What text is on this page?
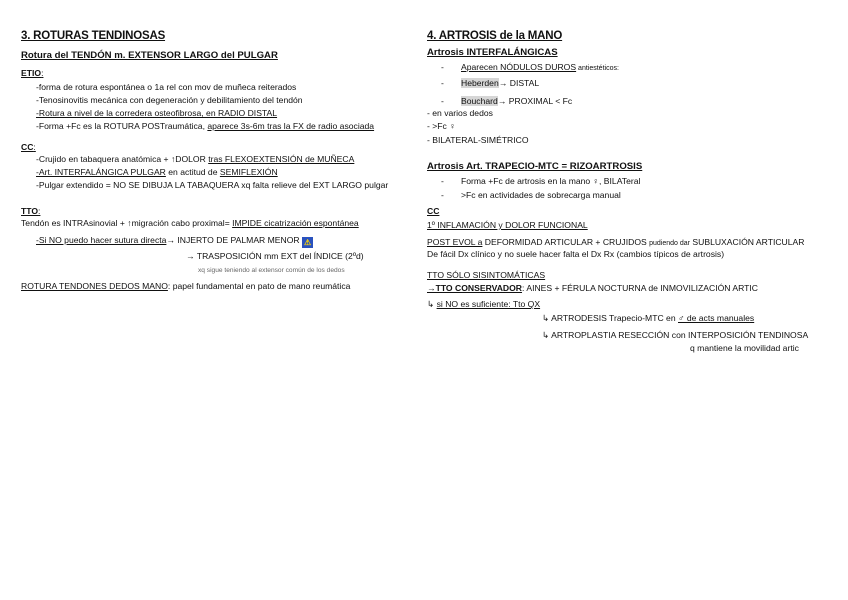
3. ROTURAS TENDINOSAS
Rotura del TENDÓN m. EXTENSOR LARGO del PULGAR
ETIO:
-forma de rotura espontánea o 1a rel con mov de muñeca reiterados
-Tenosinovitis mecánica con degeneración y debilitamiento del tendón
-Rotura a nivel de la corredera osteofibrosa, en RADIO DISTAL
-Forma +Fc es la ROTURA POSTraumática, aparece 3s-6m tras la FX de radio asociada
CC:
-Crujido en tabaquera anatómica + ↑DOLOR tras FLEXOEXTENSIÓN de MUÑECA
-Art. INTERFALÁNGICA PULGAR en actitud de SEMIFLEXIÓN
-Pulgar extendido = NO SE DIBUJA LA TABAQUERA xq falta relieve del EXT LARGO pulgar
TTO:
Tendón es INTRAsinovial + ↑migración cabo proximal= IMPIDE cicatrización espontánea
-Si NO puedo hacer sutura directa→ INJERTO DE PALMAR MENOR ⚠
→ TRASPOSICIÓN mm EXT del ÍNDICE (2ºd)
xq sigue teniendo al extensor común de los dedos
ROTURA TENDONES DEDOS MANO: papel fundamental en pato de mano reumática
4. ARTROSIS de la MANO
Artrosis INTERFALÁNGICAS
- Aparecen NÓDULOS DUROS antiestéticos:
- Heberden→ DISTAL
- Bouchard→ PROXIMAL < Fc
- en varios dedos
- >Fc ♀
- BILATERAL-SIMÉTRICO
Artrosis Art. TRAPECIO-MTC = RIZOARTROSIS
- Forma +Fc de artrosis en la mano ♀, BILATeral
- >Fc en actividades de sobrecarga manual
CC
1º INFLAMACIÓN y DOLOR FUNCIONAL
POST EVOL a DEFORMIDAD ARTICULAR + CRUJIDOS pudiendo dar SUBLUXACIÓN ARTICULAR
De fácil Dx clínico y no suele hacer falta el Dx Rx (cambios típicos de artrosis)
TTO SÓLO SISINTOMÁTICAS
→TTO CONSERVADOR: AINES + FÉRULA NOCTURNA de INMOVILIZACIÓN ARTIC
↳ si NO es suficiente: Tto QX
↳ ARTRODESIS Trapecio-MTC en ♂ de acts manuales
↳ ARTROPLASTIA RESECCIÓN con INTERPOSICIÓN TENDINOSA
q mantiene la movilidad artic
